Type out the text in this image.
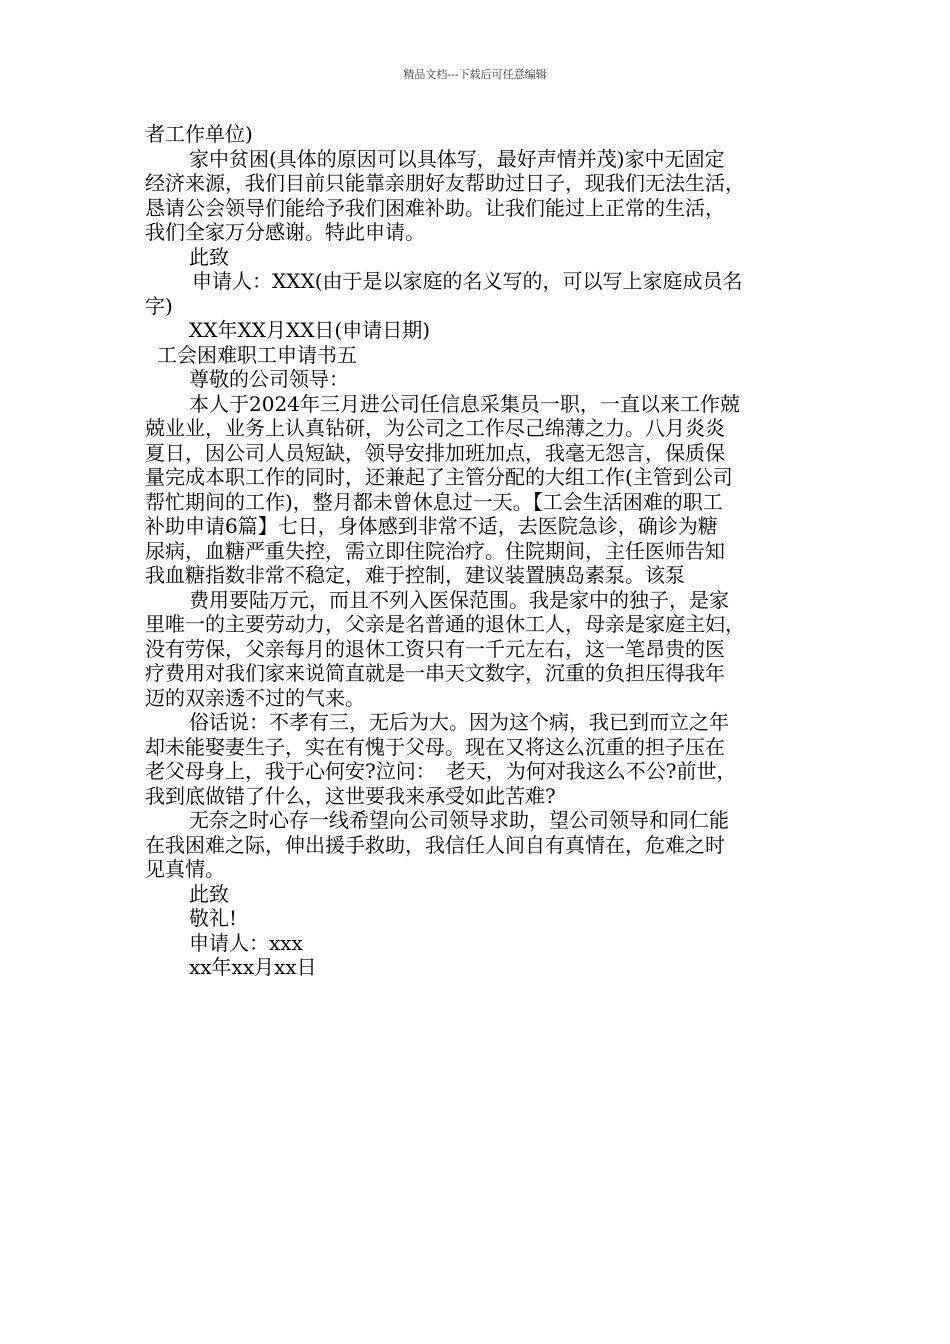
精品文档---下载后可任意编辑

者工作单位)

家中贫困(具体的原因可以具体写，最好声情并茂)家中无固定

经济来源，我们目前只能靠亲朋好友帮助过日子，现我们无法生活，

恳请公会领导们能给予我们困难补助。让我们能过上正常的生活，

我们全家万分感谢。特此申请。

此致

申请人：XXX(由于是以家庭的名义写的，可以写上家庭成员名

字)

XX年XX月XX日(申请日期)

工会困难职工申请书五

尊敬的公司领导：

本人于2024年三月进公司任信息采集员一职，一直以来工作兢

兢业业，业务上认真钻研，为公司之工作尽己绵薄之力。八月炎炎

夏日，因公司人员短缺，领导安排加班加点，我毫无怨言，保质保

量完成本职工作的同时，还兼起了主管分配的大组工作(主管到公司

帮忙期间的工作)，整月都未曾休息过一天。【工会生活困难的职工

补助申请6篇】七日，身体感到非常不适，去医院急诊，确诊为糖

尿病，血糖严重失控，需立即住院治疗。住院期间，主任医师告知

我血糖指数非常不稳定，难于控制，建议装置胰岛素泵。该泵

费用要陆万元，而且不列入医保范围。我是家中的独子，是家

里唯一的主要劳动力，父亲是名普通的退休工人，母亲是家庭主妇，

没有劳保，父亲每月的退休工资只有一千元左右，这一笔昂贵的医

疗费用对我们家来说简直就是一串天文数字，沉重的负担压得我年

迈的双亲透不过的气来。

俗话说：不孝有三，无后为大。因为这个病，我已到而立之年

却未能娶妻生子，实在有愧于父母。现在又将这么沉重的担子压在

老父母身上，我于心何安?泣问：　老天，为何对我这么不公?前世，

我到底做错了什么，这世要我来承受如此苦难?

无奈之时心存一线希望向公司领导求助，望公司领导和同仁能

在我困难之际，伸出援手救助，我信任人间自有真情在，危难之时

见真情。

此致

敬礼!

申请人：xxx

xx年xx月xx日
